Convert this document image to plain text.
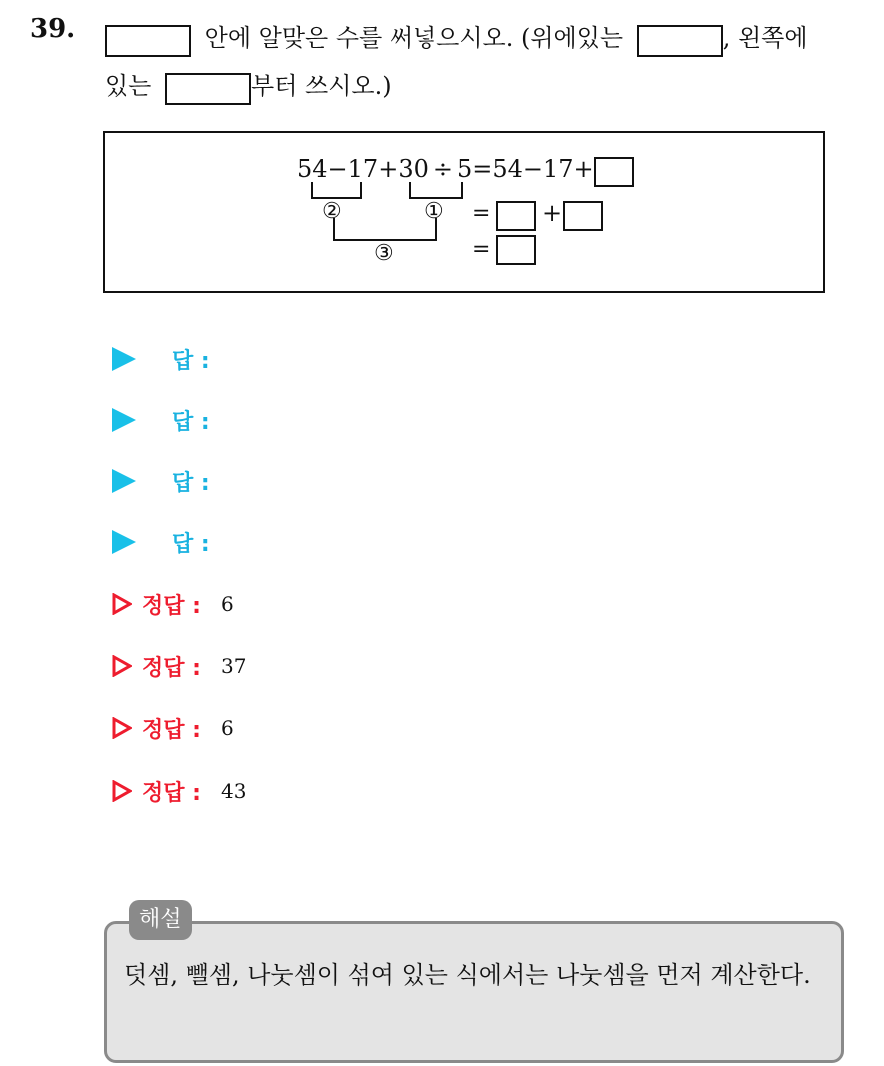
39.	안에 알맞은 수를 써넣으시오. (위에있는	, 왼쪽에
있는	부터 쓰시오.)
54−17+30 ÷ 5=54−17+
②	①
③
= +
=
답 :
답 :
답 :
답 :
정답 : 6
정답 : 37
정답 : 6
정답 : 43
해설
덧셈, 뺄셈, 나눗셈이 섞여 있는 식에서는 나눗셈을 먼저 계산한다.
